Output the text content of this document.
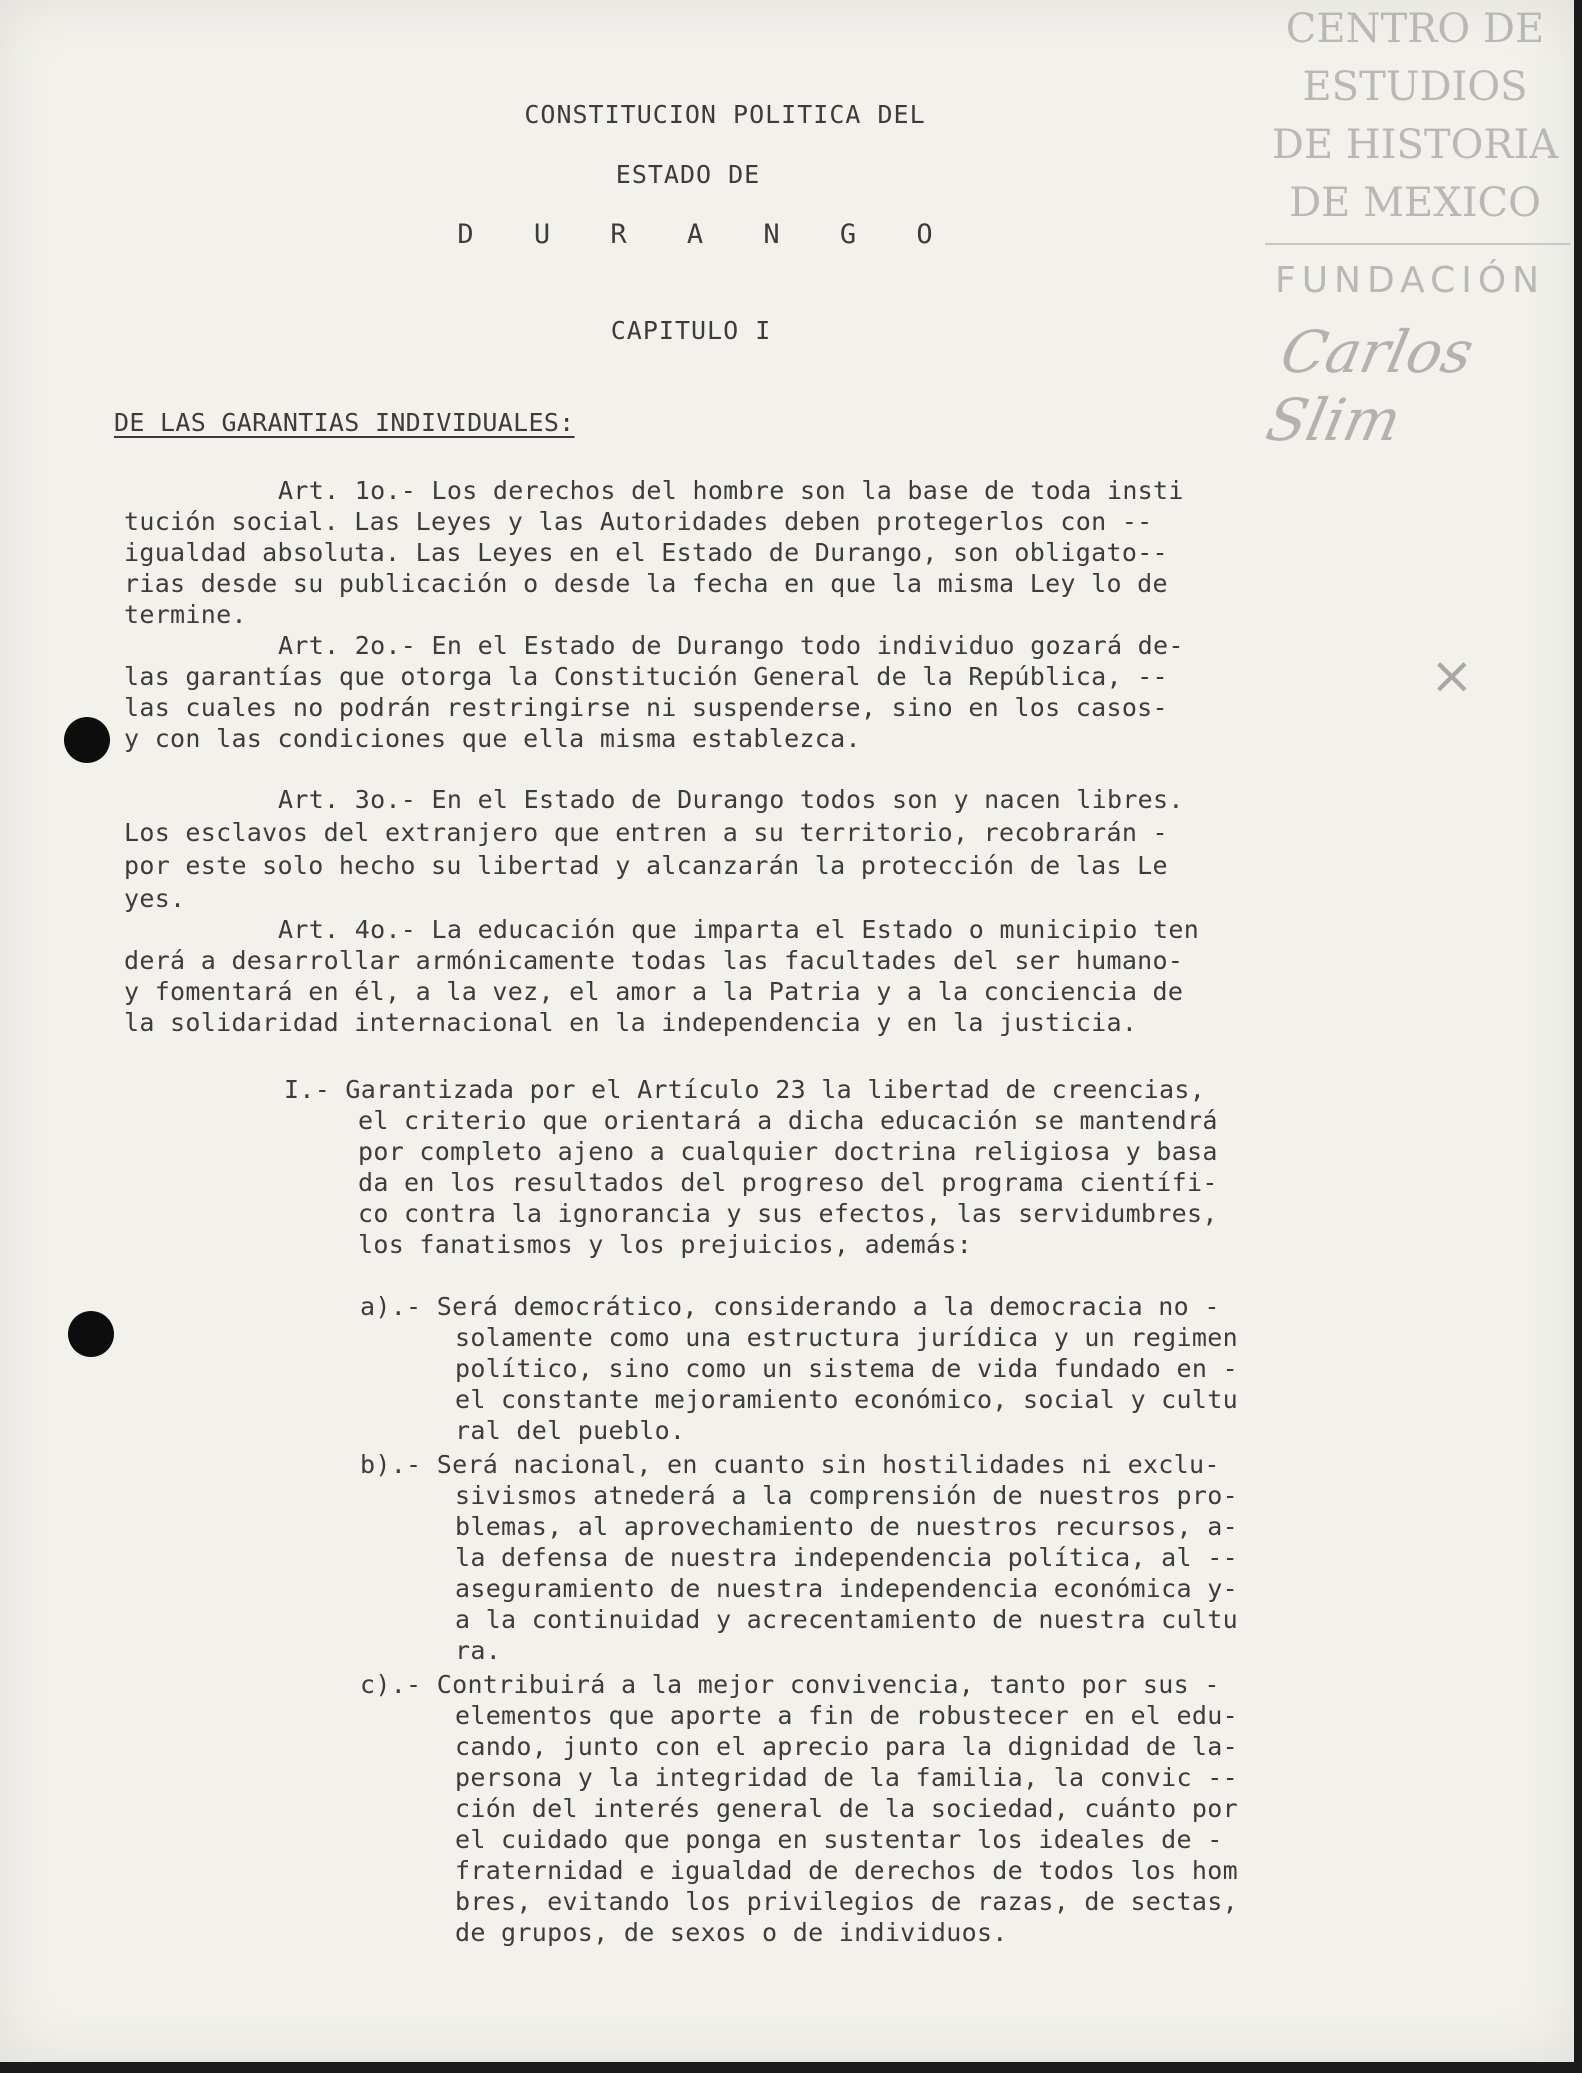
CENTRO DE
ESTUDIOS
DE HISTORIA
DE MEXICO
FUNDACIÓN
Carlos Slim
×
CONSTITUCION POLITICA DEL
ESTADO DE
D U R A N G O
CAPITULO I
DE LAS GARANTIAS INDIVIDUALES:
Art. 1o.- Los derechos del hombre son la base de toda insti
tución social. Las Leyes y las Autoridades deben protegerlos con --
igualdad absoluta. Las Leyes en el Estado de Durango, son obligato--
rias desde su publicación o desde la fecha en que la misma Ley lo de
termine.
Art. 2o.- En el Estado de Durango todo individuo gozará de-
las garantías que otorga la Constitución General de la República, --
las cuales no podrán restringirse ni suspenderse, sino en los casos-
y con las condiciones que ella misma establezca.
Art. 3o.- En el Estado de Durango todos son y nacen libres.
Los esclavos del extranjero que entren a su territorio, recobrarán -
por este solo hecho su libertad y alcanzarán la protección de las Le
yes.
Art. 4o.- La educación que imparta el Estado o municipio ten
derá a desarrollar armónicamente todas las facultades del ser humano-
y fomentará en él, a la vez, el amor a la Patria y a la conciencia de
la solidaridad internacional en la independencia y en la justicia.
I.- Garantizada por el Artículo 23 la libertad de creencias,
el criterio que orientará a dicha educación se mantendrá
por completo ajeno a cualquier doctrina religiosa y basa
da en los resultados del progreso del programa científi-
co contra la ignorancia y sus efectos, las servidumbres,
los fanatismos y los prejuicios, además:
a).- Será democrático, considerando a la democracia no -
solamente como una estructura jurídica y un regimen
político, sino como un sistema de vida fundado en -
el constante mejoramiento económico, social y cultu
ral del pueblo.
b).- Será nacional, en cuanto sin hostilidades ni exclu-
sivismos atnederá a la comprensión de nuestros pro-
blemas, al aprovechamiento de nuestros recursos, a-
la defensa de nuestra independencia política, al --
aseguramiento de nuestra independencia económica y-
a la continuidad y acrecentamiento de nuestra cultu
ra.
c).- Contribuirá a la mejor convivencia, tanto por sus -
elementos que aporte a fin de robustecer en el edu-
cando, junto con el aprecio para la dignidad de la-
persona y la integridad de la familia, la convic --
ción del interés general de la sociedad, cuánto por
el cuidado que ponga en sustentar los ideales de -
fraternidad e igualdad de derechos de todos los hom
bres, evitando los privilegios de razas, de sectas,
de grupos, de sexos o de individuos.
